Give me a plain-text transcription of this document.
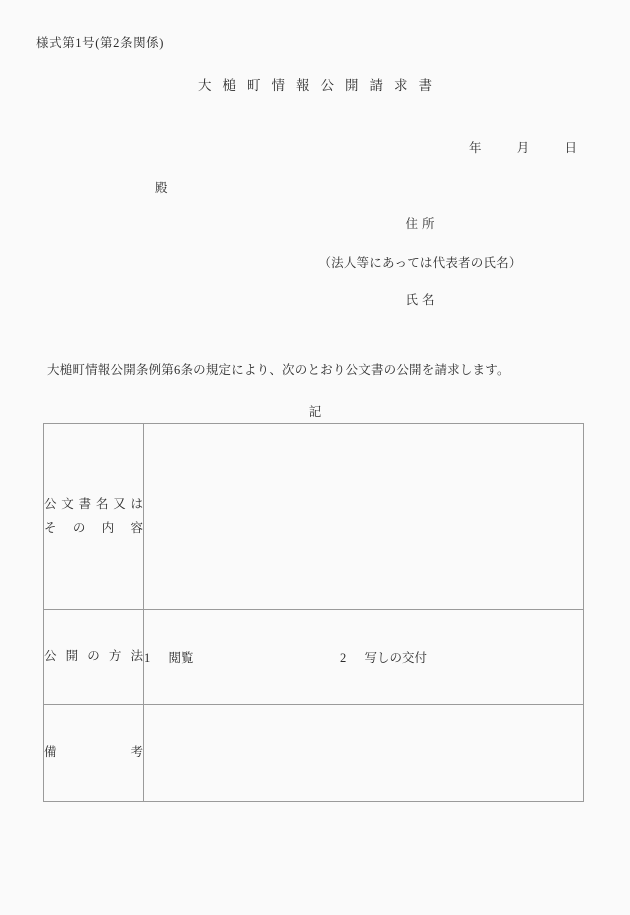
様式第1号(第2条関係)
大槌町情報公開請求書
年	月	日
殿
住所
（法人等にあっては代表者の氏名）
氏名
大槌町情報公開条例第6条の規定により、次のとおり公文書の公開を請求します。
記
公文書名又は
その内容	

公開の方法	1 閲覧 2 写しの交付

備考	
